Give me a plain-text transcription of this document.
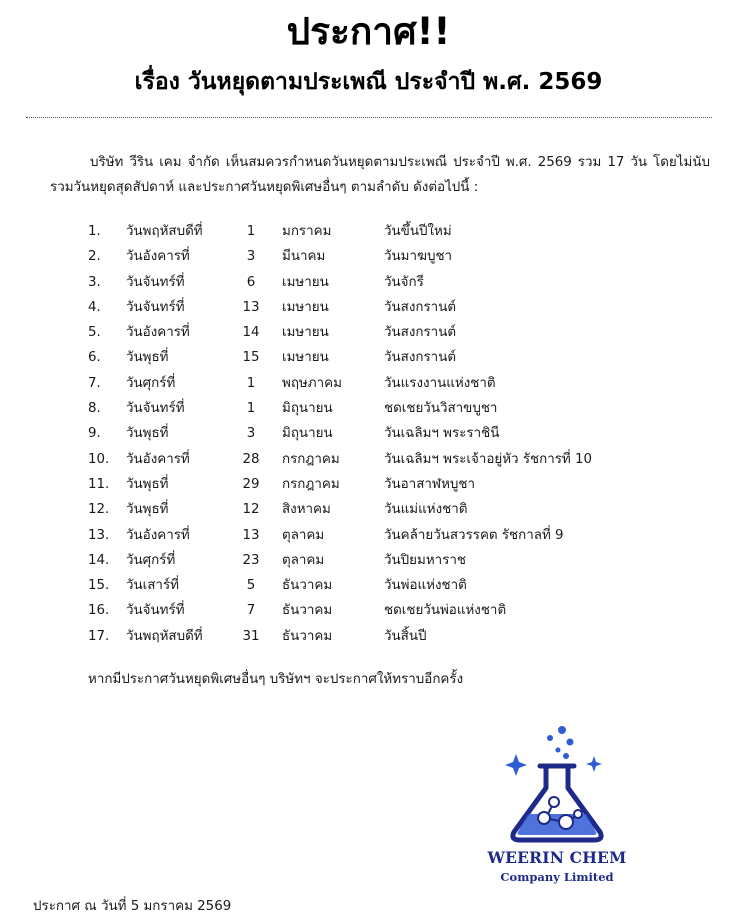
ประกาศ!!
เรื่อง วันหยุดตามประเพณี ประจำปี พ.ศ. 2569

บริษัท วีริน เคม จำกัด เห็นสมควรกำหนดวันหยุดตามประเพณี ประจำปี พ.ศ. 2569 รวม 17 วัน โดยไม่นับรวมวันหยุดสุดสัปดาห์ และประกาศวันหยุดพิเศษอื่นๆ ตามลำดับ ดังต่อไปนี้ :

1. วันพฤหัสบดีที่	1	มกราคม	วันขึ้นปีใหม่
2. วันอังคารที่	3	มีนาคม	วันมาฆบูชา
3. วันจันทร์ที่	6	เมษายน	วันจักรี
4. วันจันทร์ที่	13	เมษายน	วันสงกรานต์
5. วันอังคารที่	14	เมษายน	วันสงกรานต์
6. วันพุธที่	15	เมษายน	วันสงกรานต์
7. วันศุกร์ที่	1	พฤษภาคม	วันแรงงานแห่งชาติ
8. วันจันทร์ที่	1	มิถุนายน	ชดเชยวันวิสาขบูชา
9. วันพุธที่	3	มิถุนายน	วันเฉลิมฯ พระราชินี
10. วันอังคารที่	28	กรกฎาคม	วันเฉลิมฯ พระเจ้าอยู่หัว รัชการที่ 10
11. วันพุธที่	29	กรกฎาคม	วันอาสาฬหบูชา
12. วันพุธที่	12	สิงหาคม	วันแม่แห่งชาติ
13. วันอังคารที่	13	ตุลาคม	วันคล้ายวันสวรรคต รัชกาลที่ 9
14. วันศุกร์ที่	23	ตุลาคม	วันปิยมหาราช
15. วันเสาร์ที่	5	ธันวาคม	วันพ่อแห่งชาติ
16. วันจันทร์ที่	7	ธันวาคม	ชดเชยวันพ่อแห่งชาติ
17. วันพฤหัสบดีที่	31	ธันวาคม	วันสิ้นปี
หากมีประกาศวันหยุดพิเศษอื่นๆ บริษัทฯ จะประกาศให้ทราบอีกครั้ง
WEERIN CHEM
Company Limited
ประกาศ ณ วันที่ 5 มกราคม 2569
